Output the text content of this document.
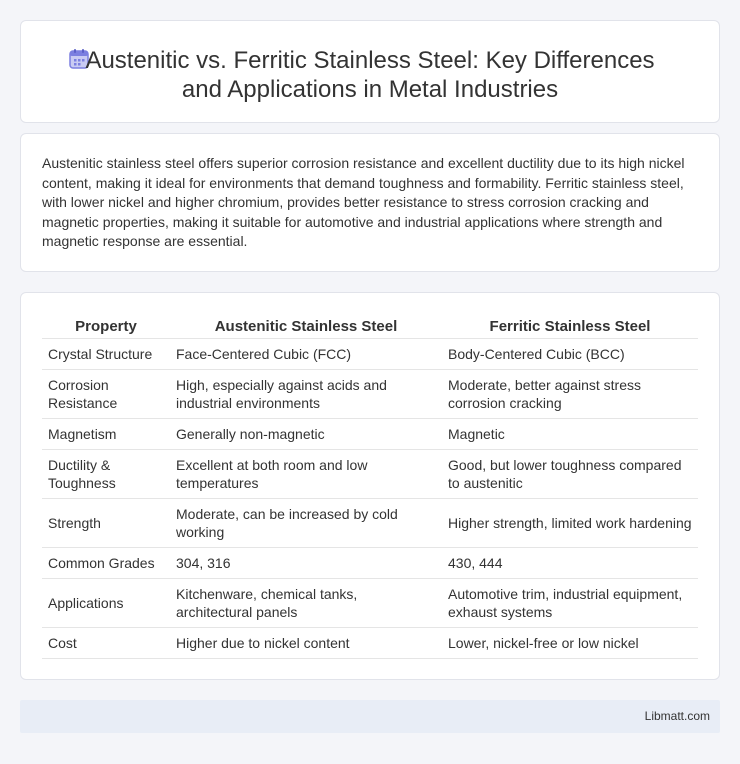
Austenitic vs. Ferritic Stainless Steel: Key Differences
and Applications in Metal Industries

Austenitic stainless steel offers superior corrosion resistance and excellent ductility due to its high nickel content, making it ideal for environments that demand toughness and formability. Ferritic stainless steel, with lower nickel and higher chromium, provides better resistance to stress corrosion cracking and magnetic properties, making it suitable for automotive and industrial applications where strength and magnetic response are essential.

Property	Austenitic Stainless Steel	Ferritic Stainless Steel
Crystal Structure	Face-Centered Cubic (FCC)	Body-Centered Cubic (BCC)
Corrosion Resistance	High, especially against acids and industrial environments	Moderate, better against stress corrosion cracking
Magnetism	Generally non-magnetic	Magnetic
Ductility & Toughness	Excellent at both room and low temperatures	Good, but lower toughness compared to austenitic
Strength	Moderate, can be increased by cold working	Higher strength, limited work hardening
Common Grades	304, 316	430, 444
Applications	Kitchenware, chemical tanks, architectural panels	Automotive trim, industrial equipment, exhaust systems
Cost	Higher due to nickel content	Lower, nickel-free or low nickel
Libmatt.com
